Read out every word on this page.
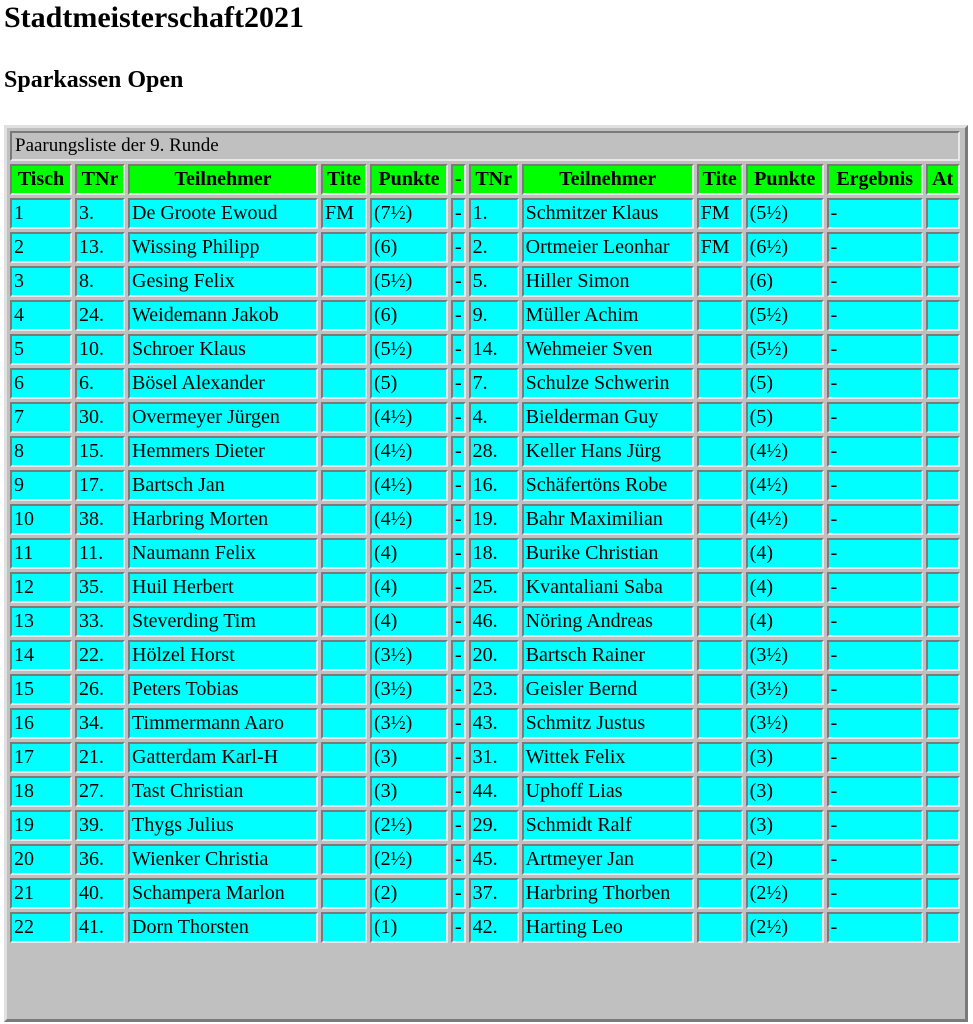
Stadtmeisterschaft2021
Sparkassen Open
Paarungsliste der 9. Runde											
Tisch	TNr	Teilnehmer	Tite	Punkte	-	TNr	Teilnehmer	Tite	Punkte	Ergebnis	At
1	3.	De Groote Ewoud	FM	(7½)	-	1.	Schmitzer Klaus	FM	(5½)	-	
2	13.	Wissing Philipp		(6)	-	2.	Ortmeier Leonhar	FM	(6½)	-	
3	8.	Gesing Felix		(5½)	-	5.	Hiller Simon		(6)	-	
4	24.	Weidemann Jakob		(6)	-	9.	Müller Achim		(5½)	-	
5	10.	Schroer Klaus		(5½)	-	14.	Wehmeier Sven		(5½)	-	
6	6.	Bösel Alexander		(5)	-	7.	Schulze Schwerin		(5)	-	
7	30.	Overmeyer Jürgen		(4½)	-	4.	Bielderman Guy		(5)	-	
8	15.	Hemmers Dieter		(4½)	-	28.	Keller Hans Jürg		(4½)	-	
9	17.	Bartsch Jan		(4½)	-	16.	Schäfertöns Robe		(4½)	-	
10	38.	Harbring Morten		(4½)	-	19.	Bahr Maximilian		(4½)	-	
11	11.	Naumann Felix		(4)	-	18.	Burike Christian		(4)	-	
12	35.	Huil Herbert		(4)	-	25.	Kvantaliani Saba		(4)	-	
13	33.	Steverding Tim		(4)	-	46.	Nöring Andreas		(4)	-	
14	22.	Hölzel Horst		(3½)	-	20.	Bartsch Rainer		(3½)	-	
15	26.	Peters Tobias		(3½)	-	23.	Geisler Bernd		(3½)	-	
16	34.	Timmermann Aaro		(3½)	-	43.	Schmitz Justus		(3½)	-	
17	21.	Gatterdam Karl-H		(3)	-	31.	Wittek Felix		(3)	-	
18	27.	Tast Christian		(3)	-	44.	Uphoff Lias		(3)	-	
19	39.	Thygs Julius		(2½)	-	29.	Schmidt Ralf		(3)	-	
20	36.	Wienker Christia		(2½)	-	45.	Artmeyer Jan		(2)	-	
21	40.	Schampera Marlon		(2)	-	37.	Harbring Thorben		(2½)	-	
22	41.	Dorn Thorsten		(1)	-	42.	Harting Leo		(2½)	-	
